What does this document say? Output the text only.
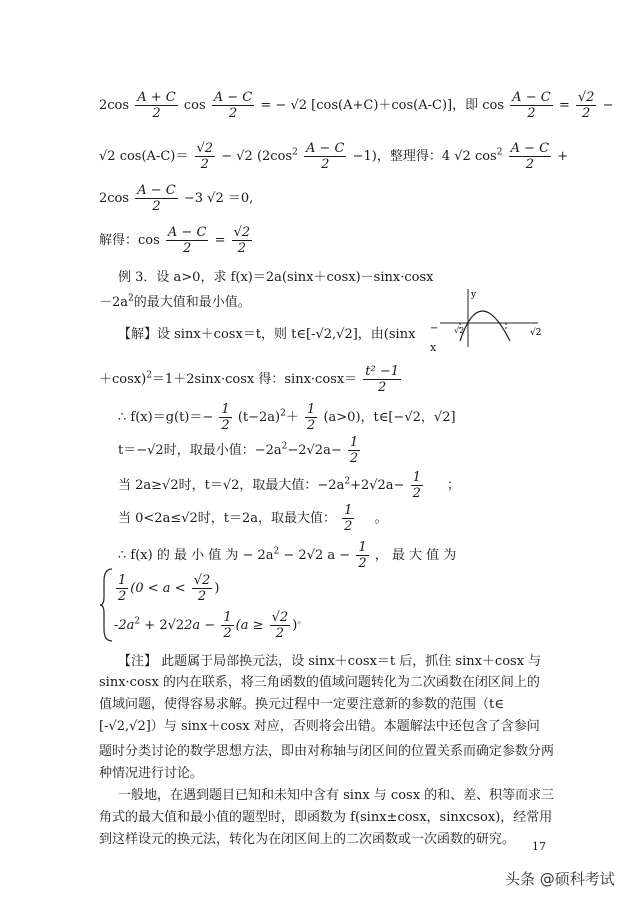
$2\cos \frac{A + C}{2}$ $\cos \frac{A - C}{2}$ = − √2 [cos(A+C)＋cos(A-C)]，即 $\cos \frac{A - C}{2} = \frac{√2}{2}$ −
√2 $\cos(A-C)= \frac{√2}{2} - √2$ $(2\cos^2 \frac{A - C}{2} -1)$，整理得：4 √2 $\cos^2 \frac{A - C}{2}$ +
$2\cos \frac{A - C}{2} -3$ √2 ＝0,
解得：$\cos \frac{A - C}{2} = \frac{√2}{2}$
例 3．设 a>0，求 f(x)＝2a(sinx＋cosx)－sinx·cosx
$-2a^2$的最大值和最小值。	y
− √2	√2
x
【解】设 sinx＋cosx＝t，则 t∈[-√2,√2]，由(sinx
＋cosx)$^2$＝1＋2sinx·cosx 得：$\sin x\cdot\cos x= \frac{\text{t² −1}}{2}$
∴ $f(x)=g(t)=- \frac{1}{2} (t-2a)^2+ \frac{1}{2} (a>0)$，t∈[−√2，√2]
t＝−√2时，取最小值：$-2a^2-2√2a- \frac{1}{2}$
当 2a≥√2时，t＝√2，取最大值：$-2a^2+2√2a- \frac{1}{2}$ ；
当 0<2a≤√2时，t＝2a，取最大值： $\frac{1}{2}$ 。
∴ f(x) 的 最 小 值 为 − $2a^2 - 2√2$ $a - \frac{1}{2}$ ， 最 大 值 为
$\frac{1}{2} (0 < a < \frac{√2}{2}$ )
$-2a^2 + 2√22a - \frac{1}{2} (a \ge \frac{√2}{2} )^。$
【注】 此题属于局部换元法，设 sinx＋cosx＝t 后，抓住 sinx＋cosx 与
sinx·cosx 的内在联系，将三角函数的值域问题转化为二次函数在闭区间上的
值域问题，使得容易求解。换元过程中一定要注意新的参数的范围（t∈
[-√2,√2]）与 sinx＋cosx 对应，否则将会出错。本题解法中还包含了含参问
题时分类讨论的数学思想方法，即由对称轴与闭区间的位置关系而确定参数分两
种情况进行讨论。
一般地，在遇到题目已知和未知中含有 sinx 与 cosx 的和、差、积等而求三
角式的最大值和最小值的题型时，即函数为 f(sinx±cosx，sinxcsox)，经常用
到这样设元的换元法，转化为在闭区间上的二次函数或一次函数的研究。	17
头条 @硕科考试
